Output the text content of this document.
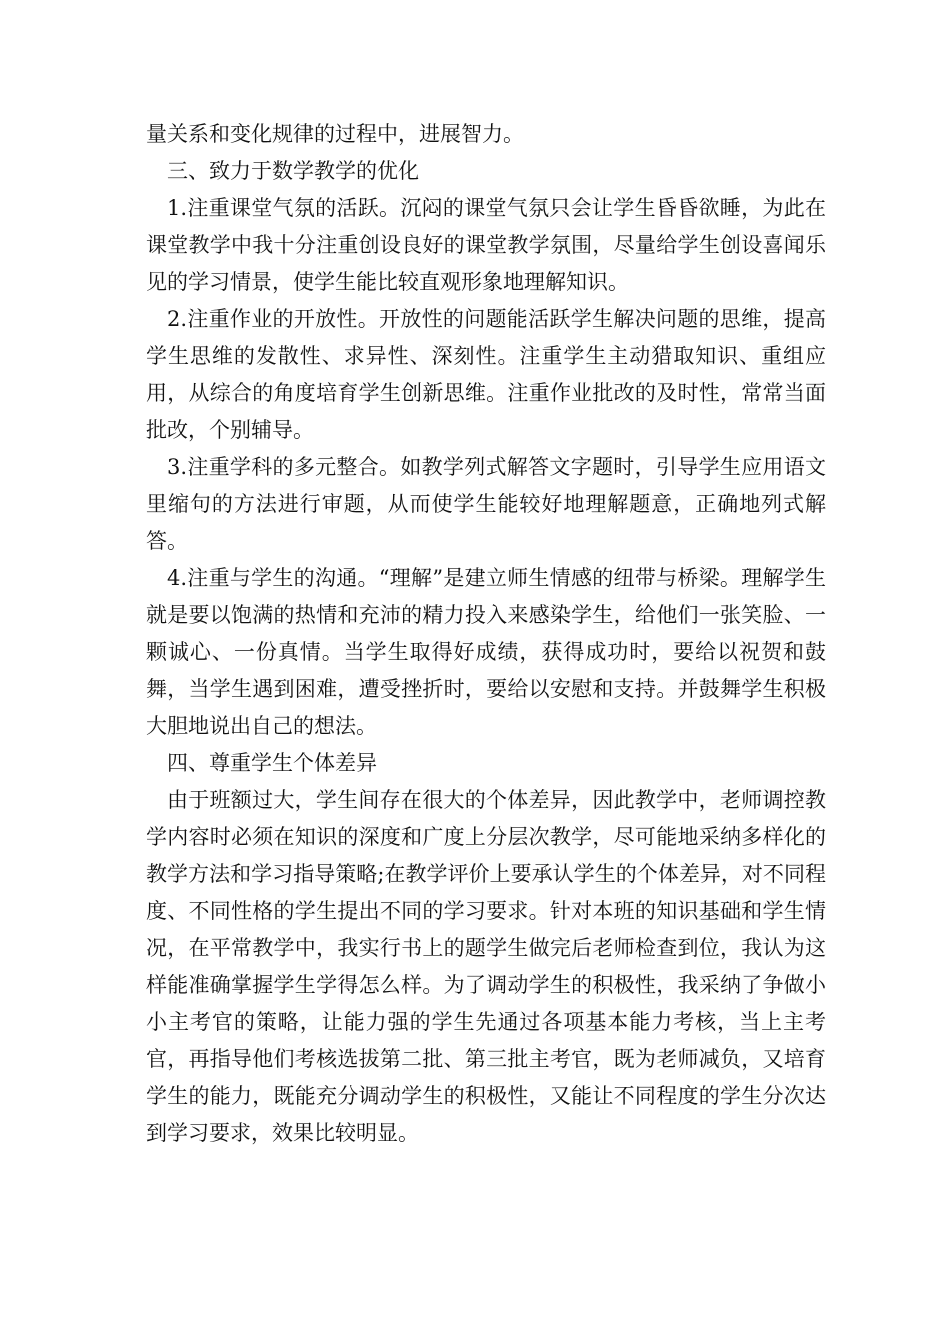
量关系和变化规律的过程中，进展智力。

三、致力于数学教学的优化

1.注重课堂气氛的活跃。沉闷的课堂气氛只会让学生昏昏欲睡，为此在课堂教学中我十分注重创设良好的课堂教学氛围，尽量给学生创设喜闻乐见的学习情景，使学生能比较直观形象地理解知识。

2.注重作业的开放性。开放性的问题能活跃学生解决问题的思维，提高学生思维的发散性、求异性、深刻性。注重学生主动猎取知识、重组应用，从综合的角度培育学生创新思维。注重作业批改的及时性，常常当面批改，个别辅导。

3.注重学科的多元整合。如教学列式解答文字题时，引导学生应用语文里缩句的方法进行审题，从而使学生能较好地理解题意，正确地列式解答。

4.注重与学生的沟通。“理解”是建立师生情感的纽带与桥梁。理解学生就是要以饱满的热情和充沛的精力投入来感染学生，给他们一张笑脸、一颗诚心、一份真情。当学生取得好成绩，获得成功时，要给以祝贺和鼓舞，当学生遇到困难，遭受挫折时，要给以安慰和支持。并鼓舞学生积极大胆地说出自己的想法。

四、尊重学生个体差异

由于班额过大，学生间存在很大的个体差异，因此教学中，老师调控教学内容时必须在知识的深度和广度上分层次教学，尽可能地采纳多样化的教学方法和学习指导策略;在教学评价上要承认学生的个体差异，对不同程度、不同性格的学生提出不同的学习要求。针对本班的知识基础和学生情况，在平常教学中，我实行书上的题学生做完后老师检查到位，我认为这样能准确掌握学生学得怎么样。为了调动学生的积极性，我采纳了争做小小主考官的策略，让能力强的学生先通过各项基本能力考核，当上主考官，再指导他们考核选拔第二批、第三批主考官，既为老师减负，又培育学生的能力，既能充分调动学生的积极性，又能让不同程度的学生分次达到学习要求，效果比较明显。
